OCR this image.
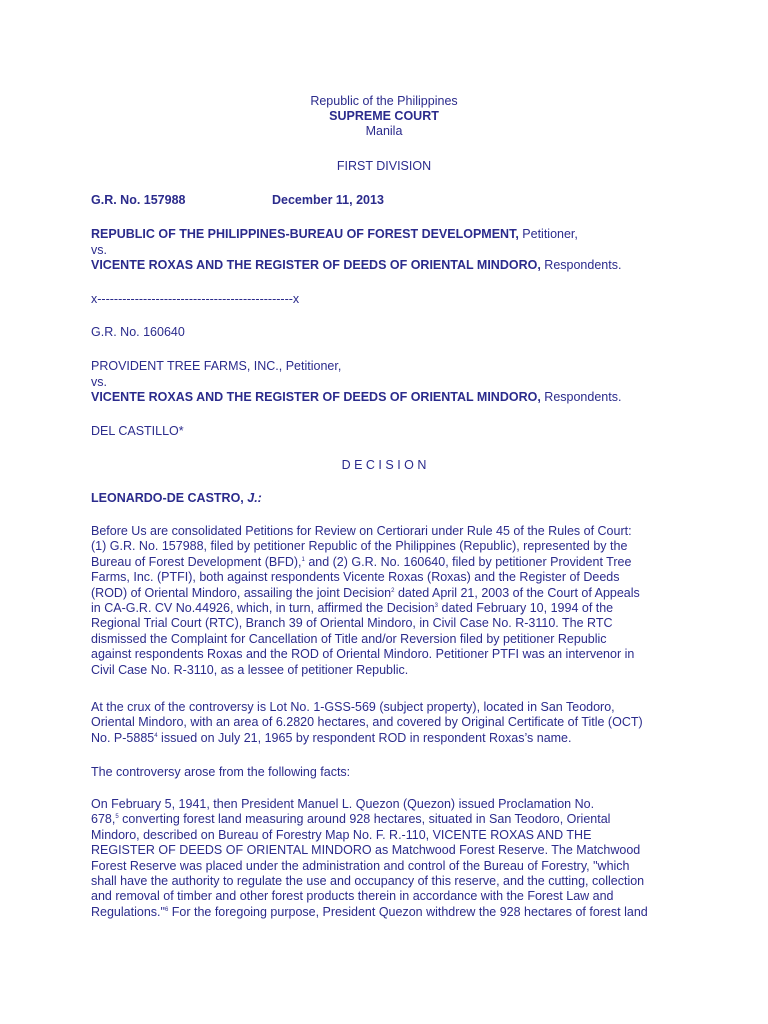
Republic of the Philippines
SUPREME COURT
Manila
FIRST DIVISION
G.R. No. 157988	December 11, 2013
REPUBLIC OF THE PHILIPPINES-BUREAU OF FOREST DEVELOPMENT, Petitioner,
vs.
VICENTE ROXAS AND THE REGISTER OF DEEDS OF ORIENTAL MINDORO, Respondents.
x-----------------------------------------------x
G.R. No. 160640
PROVIDENT TREE FARMS, INC., Petitioner,
vs.
VICENTE ROXAS AND THE REGISTER OF DEEDS OF ORIENTAL MINDORO, Respondents.
DEL CASTILLO*
D E C I S I O N
LEONARDO-DE CASTRO, J.:
Before Us are consolidated Petitions for Review on Certiorari under Rule 45 of the Rules of Court:
(1) G.R. No. 157988, filed by petitioner Republic of the Philippines (Republic), represented by the
Bureau of Forest Development (BFD),$^1$ and (2) G.R. No. 160640, filed by petitioner Provident Tree
Farms, Inc. (PTFI), both against respondents Vicente Roxas (Roxas) and the Register of Deeds
(ROD) of Oriental Mindoro, assailing the joint Decision$^2$ dated April 21, 2003 of the Court of Appeals
in CA-G.R. CV No.44926, which, in turn, affirmed the Decision$^3$ dated February 10, 1994 of the
Regional Trial Court (RTC), Branch 39 of Oriental Mindoro, in Civil Case No. R-3110. The RTC
dismissed the Complaint for Cancellation of Title and/or Reversion filed by petitioner Republic
against respondents Roxas and the ROD of Oriental Mindoro. Petitioner PTFI was an intervenor in
Civil Case No. R-3110, as a lessee of petitioner Republic.
At the crux of the controversy is Lot No. 1-GSS-569 (subject property), located in San Teodoro,
Oriental Mindoro, with an area of 6.2820 hectares, and covered by Original Certificate of Title (OCT)
No. P-5885$^4$ issued on July 21, 1965 by respondent ROD in respondent Roxas’s name.
The controversy arose from the following facts:
On February 5, 1941, then President Manuel L. Quezon (Quezon) issued Proclamation No.
678,$^5$ converting forest land measuring around 928 hectares, situated in San Teodoro, Oriental
Mindoro, described on Bureau of Forestry Map No. F. R.-110, VICENTE ROXAS AND THE
REGISTER OF DEEDS OF ORIENTAL MINDORO as Matchwood Forest Reserve. The Matchwood
Forest Reserve was placed under the administration and control of the Bureau of Forestry, "which
shall have the authority to regulate the use and occupancy of this reserve, and the cutting, collection
and removal of timber and other forest products therein in accordance with the Forest Law and
Regulations."$^6$ For the foregoing purpose, President Quezon withdrew the 928 hectares of forest land
